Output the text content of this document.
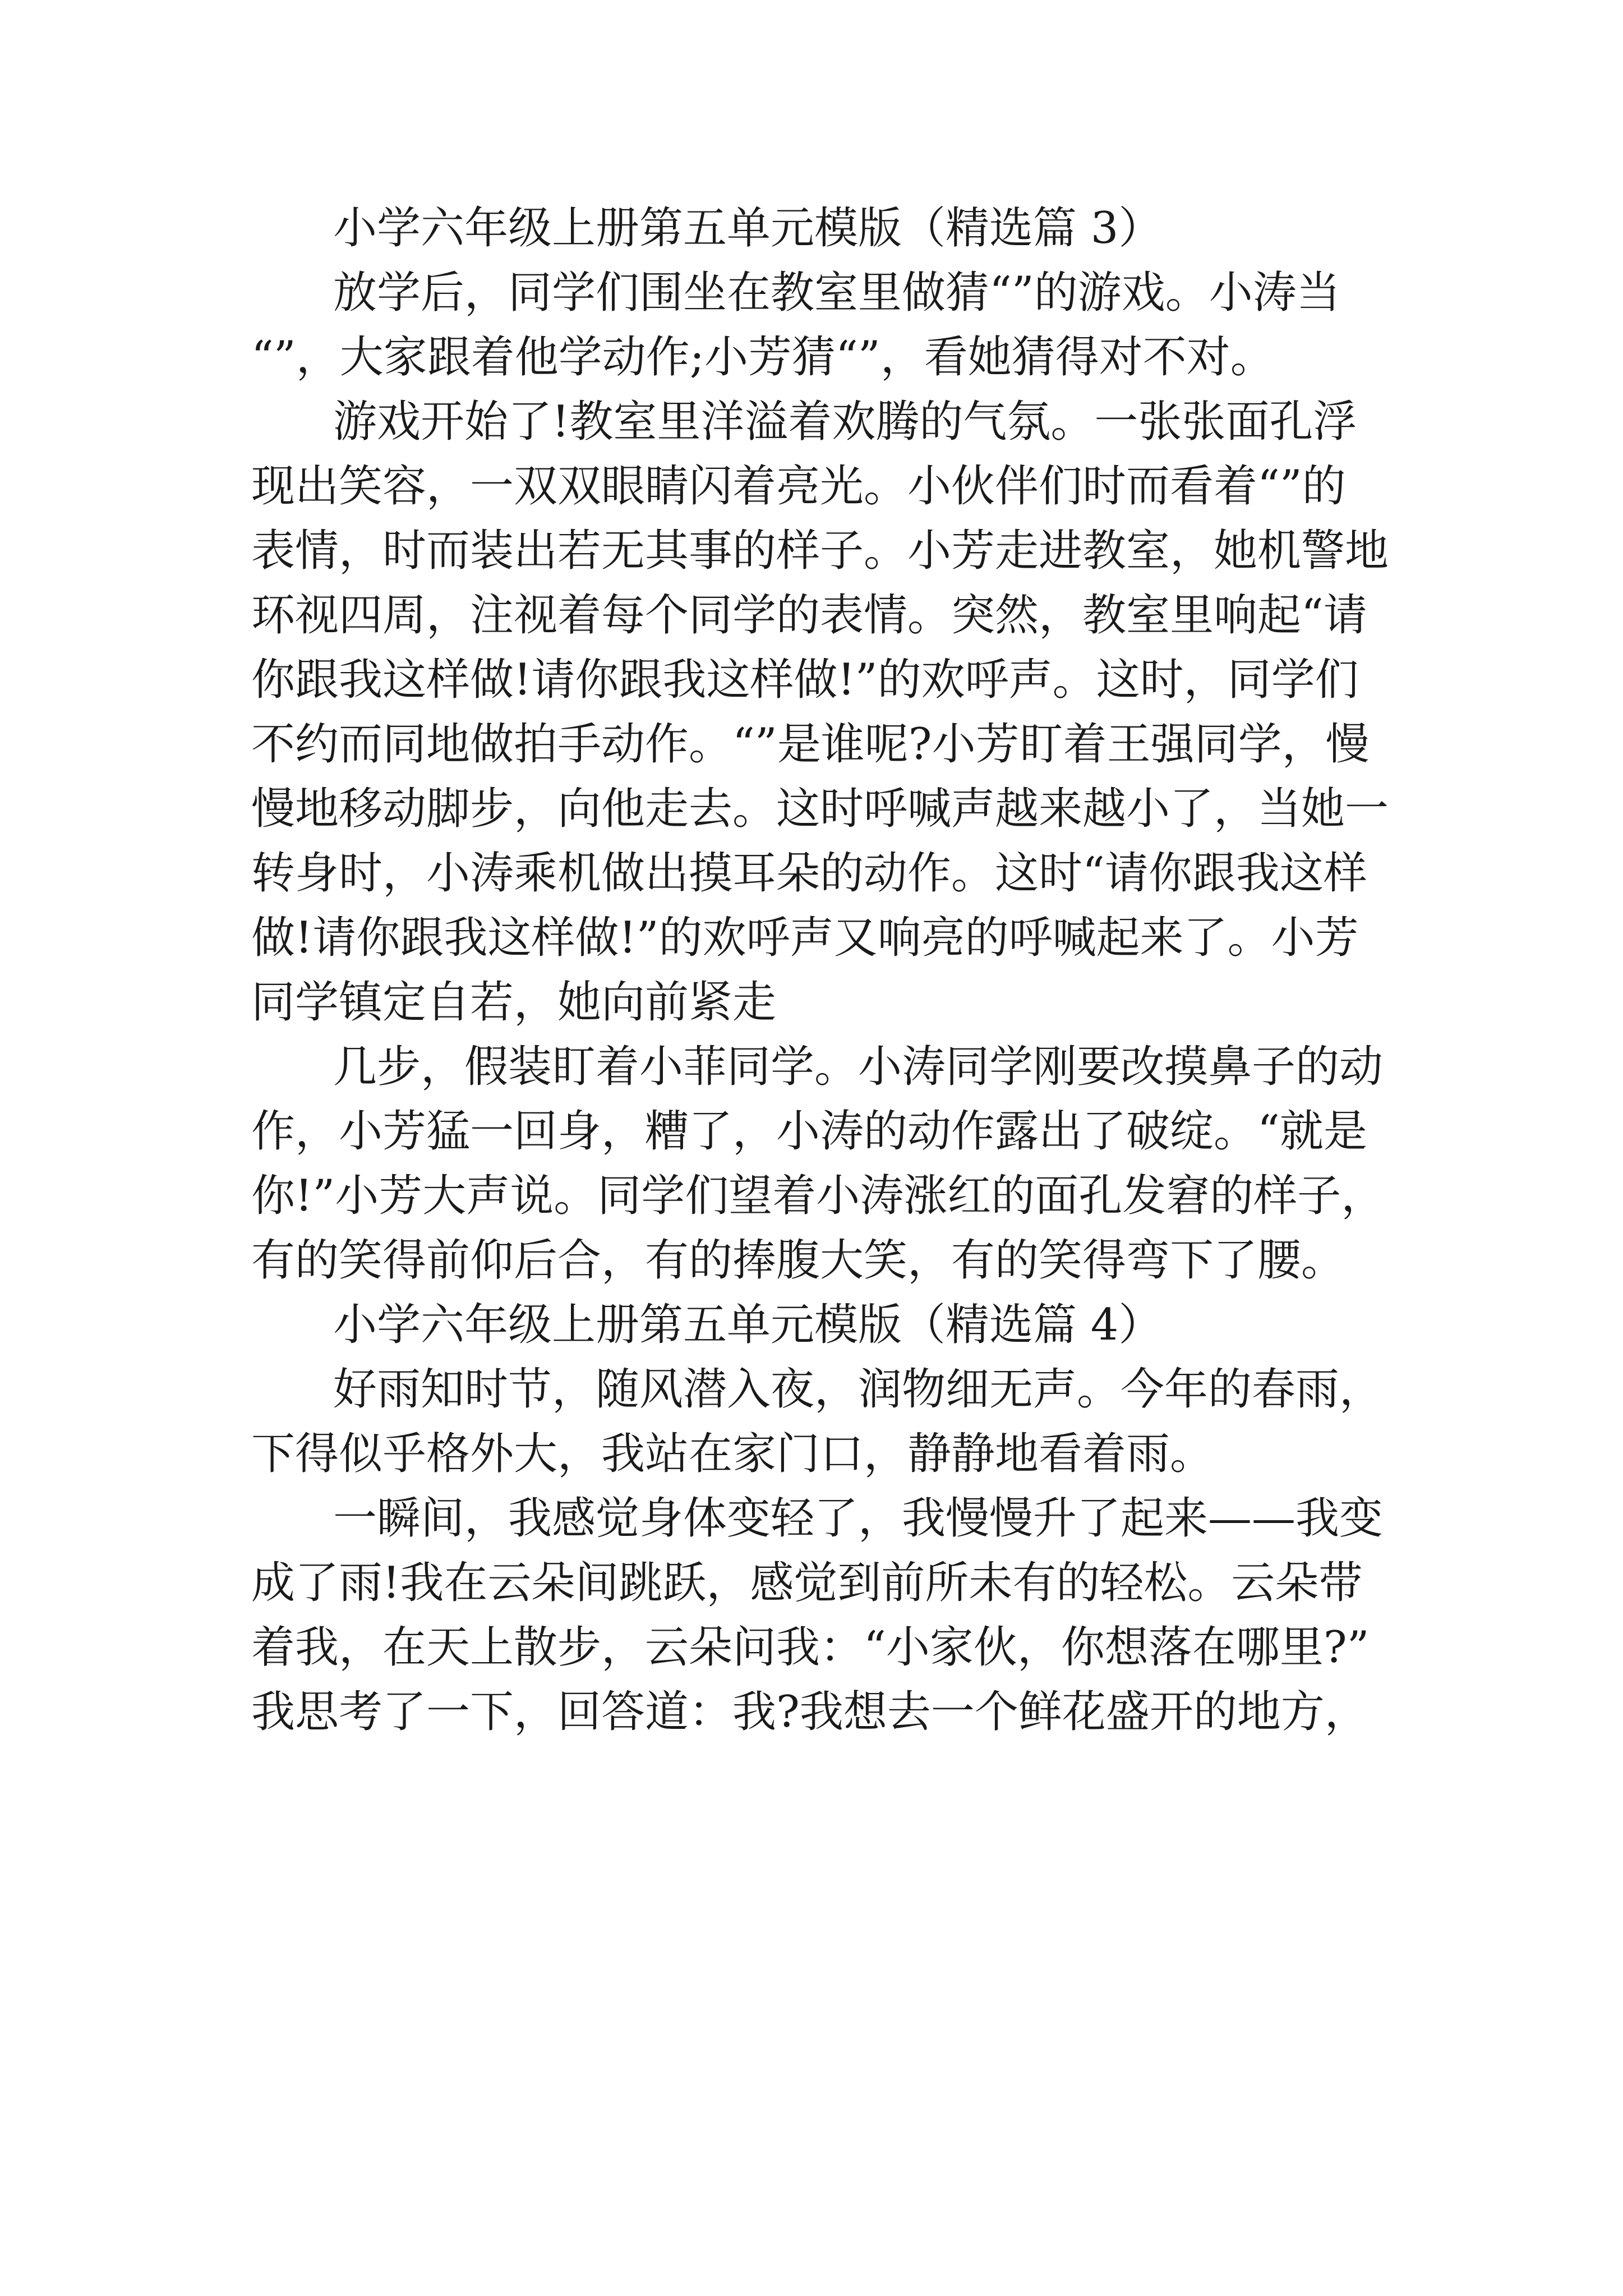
小学六年级上册第五单元模版（精选篇 3）
放学后，同学们围坐在教室里做猜“”的游戏。小涛当
“”，大家跟着他学动作;小芳猜“”，看她猜得对不对。
游戏开始了!教室里洋溢着欢腾的气氛。一张张面孔浮
现出笑容，一双双眼睛闪着亮光。小伙伴们时而看着“”的
表情，时而装出若无其事的样子。小芳走进教室，她机警地
环视四周，注视着每个同学的表情。突然，教室里响起“请
你跟我这样做!请你跟我这样做!”的欢呼声。这时，同学们
不约而同地做拍手动作。“”是谁呢?小芳盯着王强同学，慢
慢地移动脚步，向他走去。这时呼喊声越来越小了，当她一
转身时，小涛乘机做出摸耳朵的动作。这时“请你跟我这样
做!请你跟我这样做!”的欢呼声又响亮的呼喊起来了。小芳
同学镇定自若，她向前紧走
几步，假装盯着小菲同学。小涛同学刚要改摸鼻子的动
作，小芳猛一回身，糟了，小涛的动作露出了破绽。“就是
你!”小芳大声说。同学们望着小涛涨红的面孔发窘的样子，
有的笑得前仰后合，有的捧腹大笑，有的笑得弯下了腰。
小学六年级上册第五单元模版（精选篇 4）
好雨知时节，随风潜入夜，润物细无声。今年的春雨，
下得似乎格外大，我站在家门口，静静地看着雨。
一瞬间，我感觉身体变轻了，我慢慢升了起来——我变
成了雨!我在云朵间跳跃，感觉到前所未有的轻松。云朵带
着我，在天上散步，云朵问我：“小家伙，你想落在哪里?”
我思考了一下，回答道：我?我想去一个鲜花盛开的地方，
